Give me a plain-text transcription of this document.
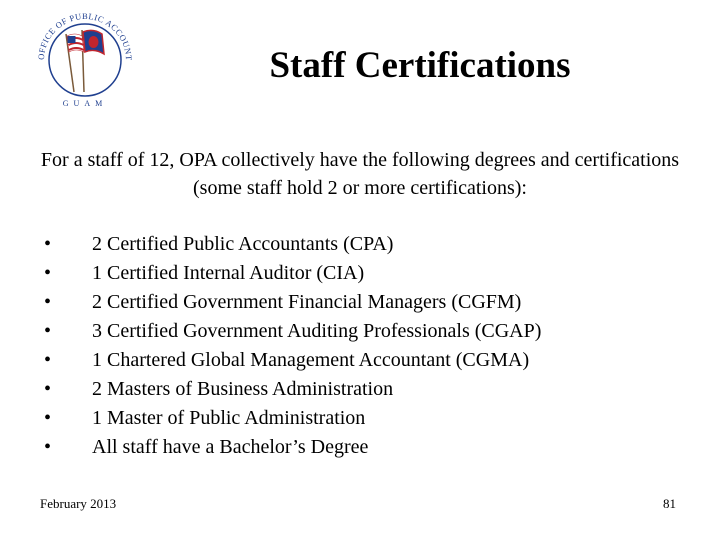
OFFICE OF PUBLIC ACCOUNT
GUAM
Staff Certifications
For a staff of 12, OPA collectively have the following degrees and certifications (some staff hold 2 or more certifications):
•	2 Certified Public Accountants (CPA)
•	1 Certified Internal Auditor (CIA)
•	2 Certified Government Financial Managers (CGFM)
•	3 Certified Government Auditing Professionals (CGAP)
•	1 Chartered Global Management Accountant (CGMA)
•	2 Masters of Business Administration
•	1 Master of Public Administration
•	All staff have a Bachelor’s Degree
February 2013	81
